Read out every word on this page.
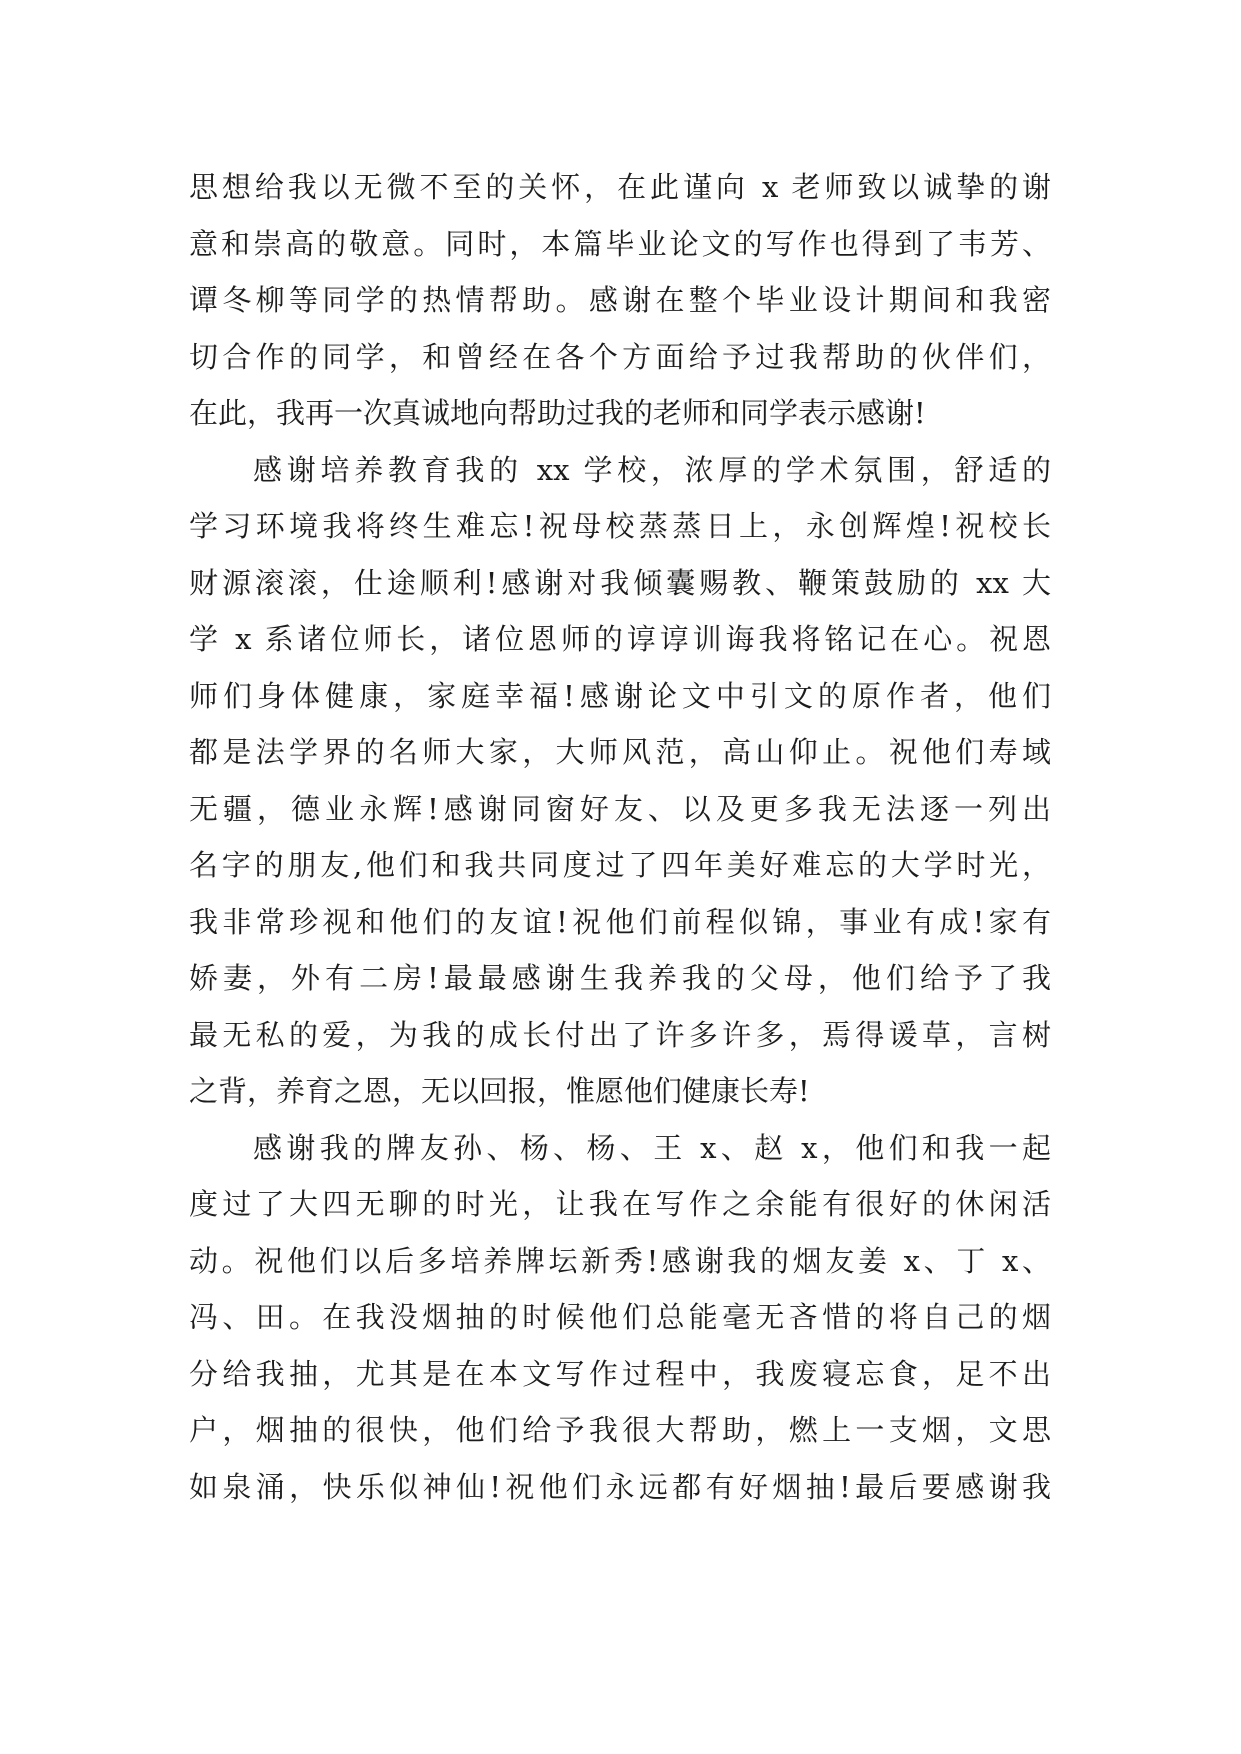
思想给我以无微不至的关怀，在此谨向 x 老师致以诚挚的谢
意和崇高的敬意。同时，本篇毕业论文的写作也得到了韦芳、
谭冬柳等同学的热情帮助。感谢在整个毕业设计期间和我密
切合作的同学，和曾经在各个方面给予过我帮助的伙伴们，
在此，我再一次真诚地向帮助过我的老师和同学表示感谢!
感谢培养教育我的 xx 学校，浓厚的学术氛围，舒适的
学习环境我将终生难忘!祝母校蒸蒸日上，永创辉煌!祝校长
财源滚滚，仕途顺利!感谢对我倾囊赐教、鞭策鼓励的 xx 大
学 x 系诸位师长，诸位恩师的谆谆训诲我将铭记在心。祝恩
师们身体健康，家庭幸福!感谢论文中引文的原作者，他们
都是法学界的名师大家，大师风范，高山仰止。祝他们寿域
无疆，德业永辉!感谢同窗好友、以及更多我无法逐一列出
名字的朋友,他们和我共同度过了四年美好难忘的大学时光，
我非常珍视和他们的友谊!祝他们前程似锦，事业有成!家有
娇妻，外有二房!最最感谢生我养我的父母，他们给予了我
最无私的爱，为我的成长付出了许多许多，焉得谖草，言树
之背，养育之恩，无以回报，惟愿他们健康长寿!
感谢我的牌友孙、杨、杨、王 x、赵 x，他们和我一起
度过了大四无聊的时光，让我在写作之余能有很好的休闲活
动。祝他们以后多培养牌坛新秀!感谢我的烟友姜 x、丁 x、
冯、田。在我没烟抽的时候他们总能毫无吝惜的将自己的烟
分给我抽，尤其是在本文写作过程中，我废寝忘食，足不出
户，烟抽的很快，他们给予我很大帮助，燃上一支烟，文思
如泉涌，快乐似神仙!祝他们永远都有好烟抽!最后要感谢我
